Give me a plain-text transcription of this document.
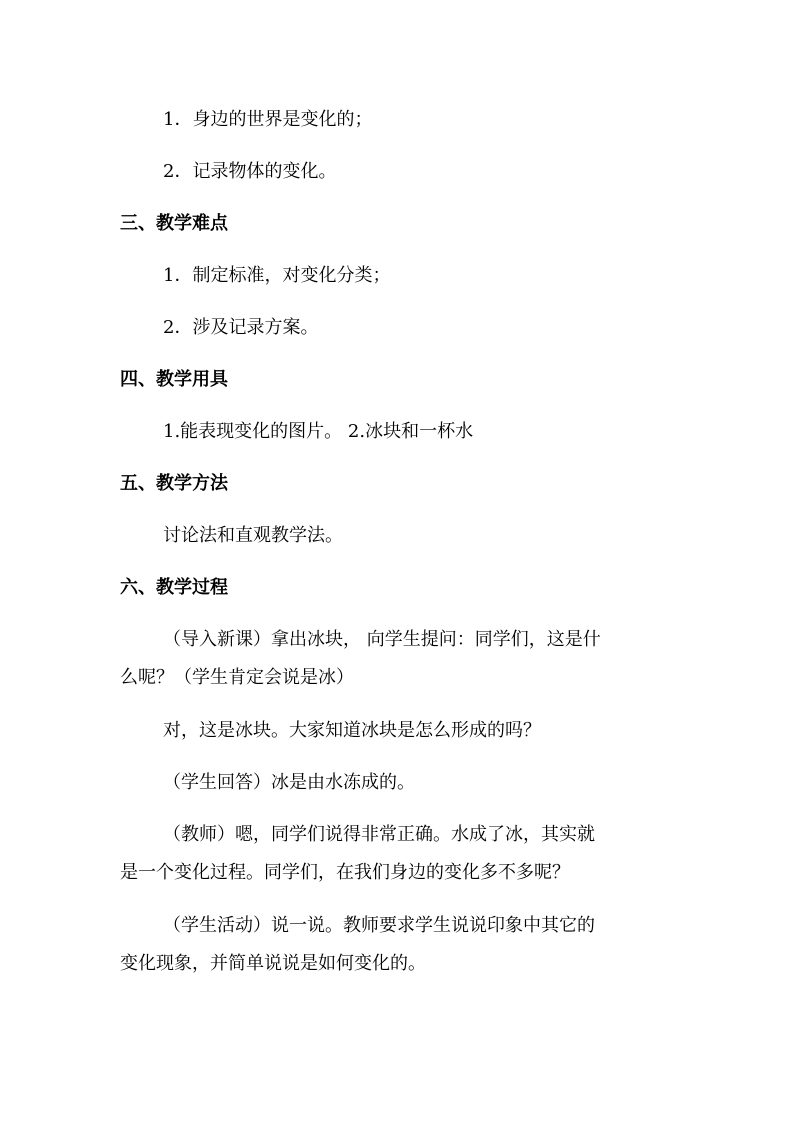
1．身边的世界是变化的；
2．记录物体的变化。
三、教学难点
1．制定标准，对变化分类；
2．涉及记录方案。
四、教学用具
1.能表现变化的图片。 2.冰块和一杯水
五、教学方法
讨论法和直观教学法。
六、教学过程
（导入新课）拿出冰块， 向学生提问：同学们，这是什
么呢？（学生肯定会说是冰）
对，这是冰块。大家知道冰块是怎么形成的吗？
（学生回答）冰是由水冻成的。
（教师）嗯，同学们说得非常正确。水成了冰，其实就
是一个变化过程。同学们，在我们身边的变化多不多呢？
（学生活动）说一说。教师要求学生说说印象中其它的
变化现象，并简单说说是如何变化的。
